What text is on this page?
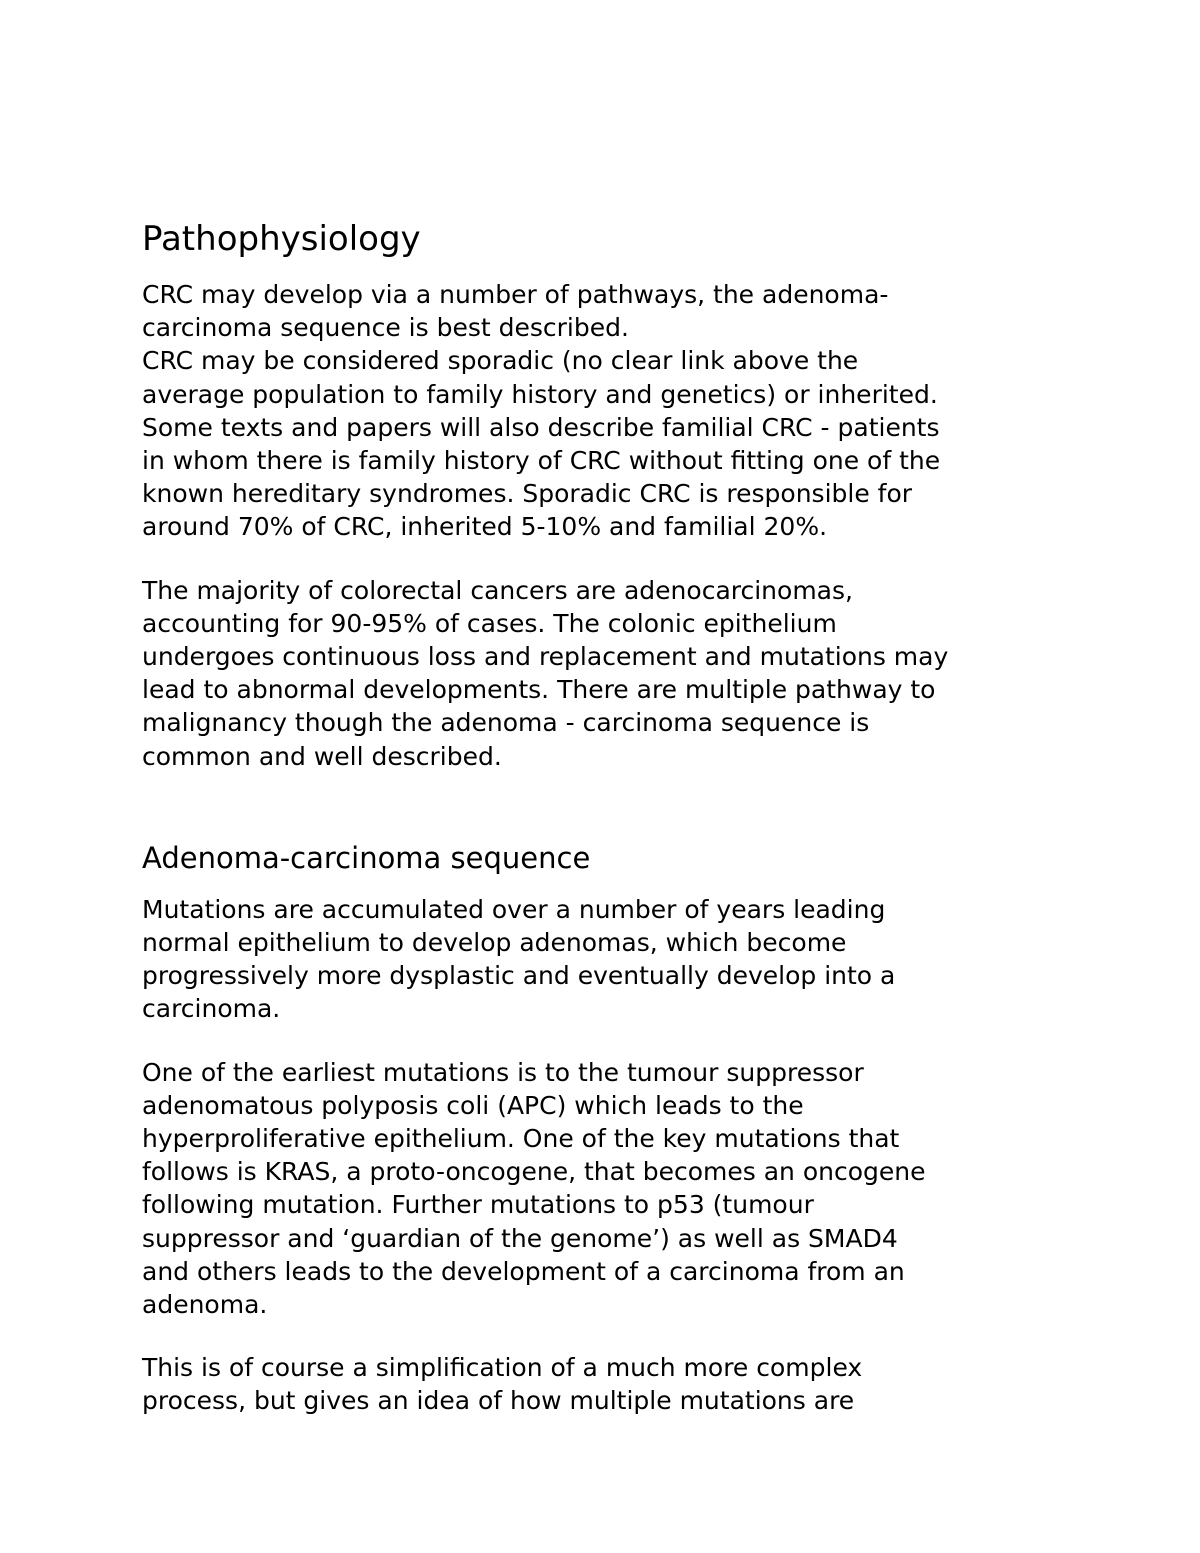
Pathophysiology

CRC may develop via a number of pathways, the adenoma-
carcinoma sequence is best described.
CRC may be considered sporadic (no clear link above the
average population to family history and genetics) or inherited.
Some texts and papers will also describe familial CRC - patients
in whom there is family history of CRC without fitting one of the
known hereditary syndromes. Sporadic CRC is responsible for
around 70% of CRC, inherited 5-10% and familial 20%.

The majority of colorectal cancers are adenocarcinomas,
accounting for 90-95% of cases. The colonic epithelium
undergoes continuous loss and replacement and mutations may
lead to abnormal developments. There are multiple pathway to
malignancy though the adenoma - carcinoma sequence is
common and well described.

Adenoma-carcinoma sequence

Mutations are accumulated over a number of years leading
normal epithelium to develop adenomas, which become
progressively more dysplastic and eventually develop into a
carcinoma.

One of the earliest mutations is to the tumour suppressor
adenomatous polyposis coli (APC) which leads to the
hyperproliferative epithelium. One of the key mutations that
follows is KRAS, a proto-oncogene, that becomes an oncogene
following mutation. Further mutations to p53 (tumour
suppressor and ‘guardian of the genome’) as well as SMAD4
and others leads to the development of a carcinoma from an
adenoma.

This is of course a simplification of a much more complex
process, but gives an idea of how multiple mutations are
